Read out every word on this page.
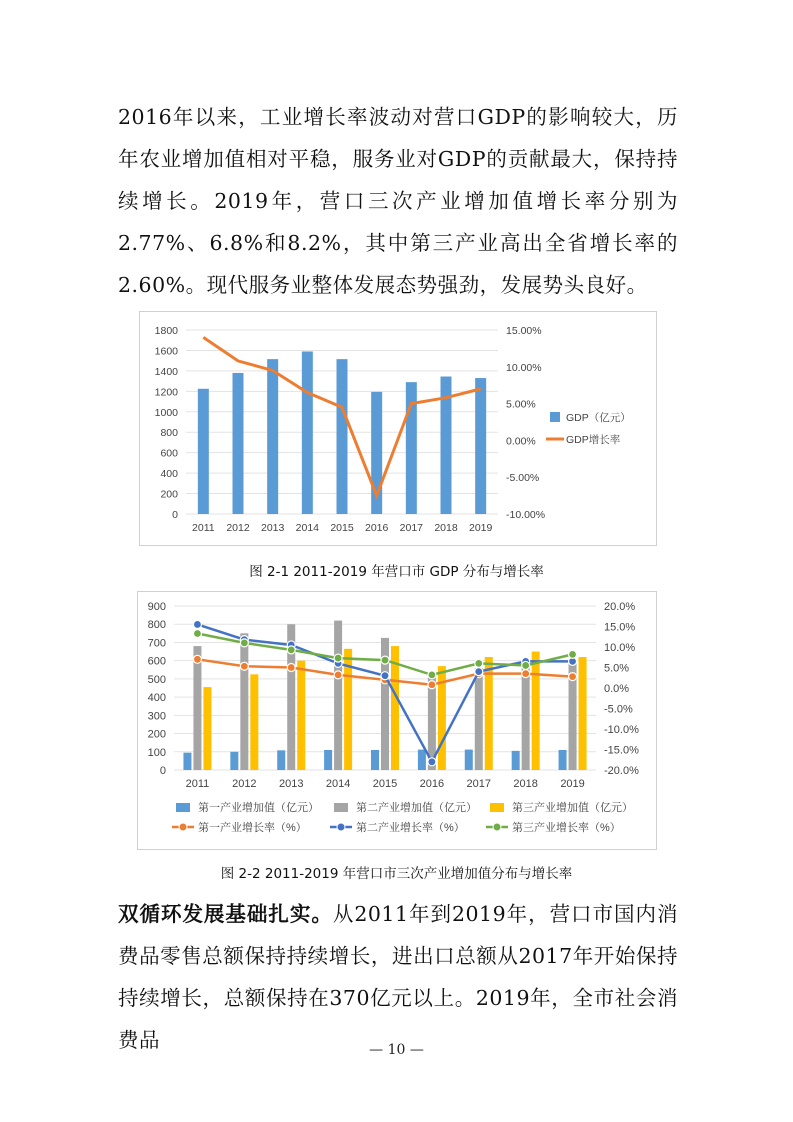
2016年以来，工业增长率波动对营口GDP的影响较大，历年农业增加值相对平稳，服务业对GDP的贡献最大，保持持续增长。2019年，营口三次产业增加值增长率分别为2.77%、6.8%和8.2%，其中第三产业高出全省增长率的2.60%。现代服务业整体发展态势强劲，发展势头良好。

0
200
400
600
800
1000
1200
1400
1600
1800
-10.00%
-5.00%
0.00%
5.00%
10.00%
15.00%
2011 2012 2013 2014 2015 2016 2017 2018 2019
GDP（亿元）
GDP增长率
图 2-1 2011-2019 年营口市 GDP 分布与增长率
0
100
200
300
400
500
600
700
800
900
-20.0%
-15.0%
-10.0%
-5.0%
0.0%
5.0%
10.0%
15.0%
20.0%
2011 2012 2013 2014 2015 2016 2017 2018 2019
第一产业增加值（亿元）	第二产业增加值（亿元）	第三产业增加值（亿元）
第一产业增长率（%）	第二产业增长率（%）	第三产业增长率（%）
图 2-2 2011-2019 年营口市三次产业增加值分布与增长率

双循环发展基础扎实。从2011年到2019年，营口市国内消费品零售总额保持持续增长，进出口总额从2017年开始保持持续增长，总额保持在370亿元以上。2019年，全市社会消费品	— 10 —
